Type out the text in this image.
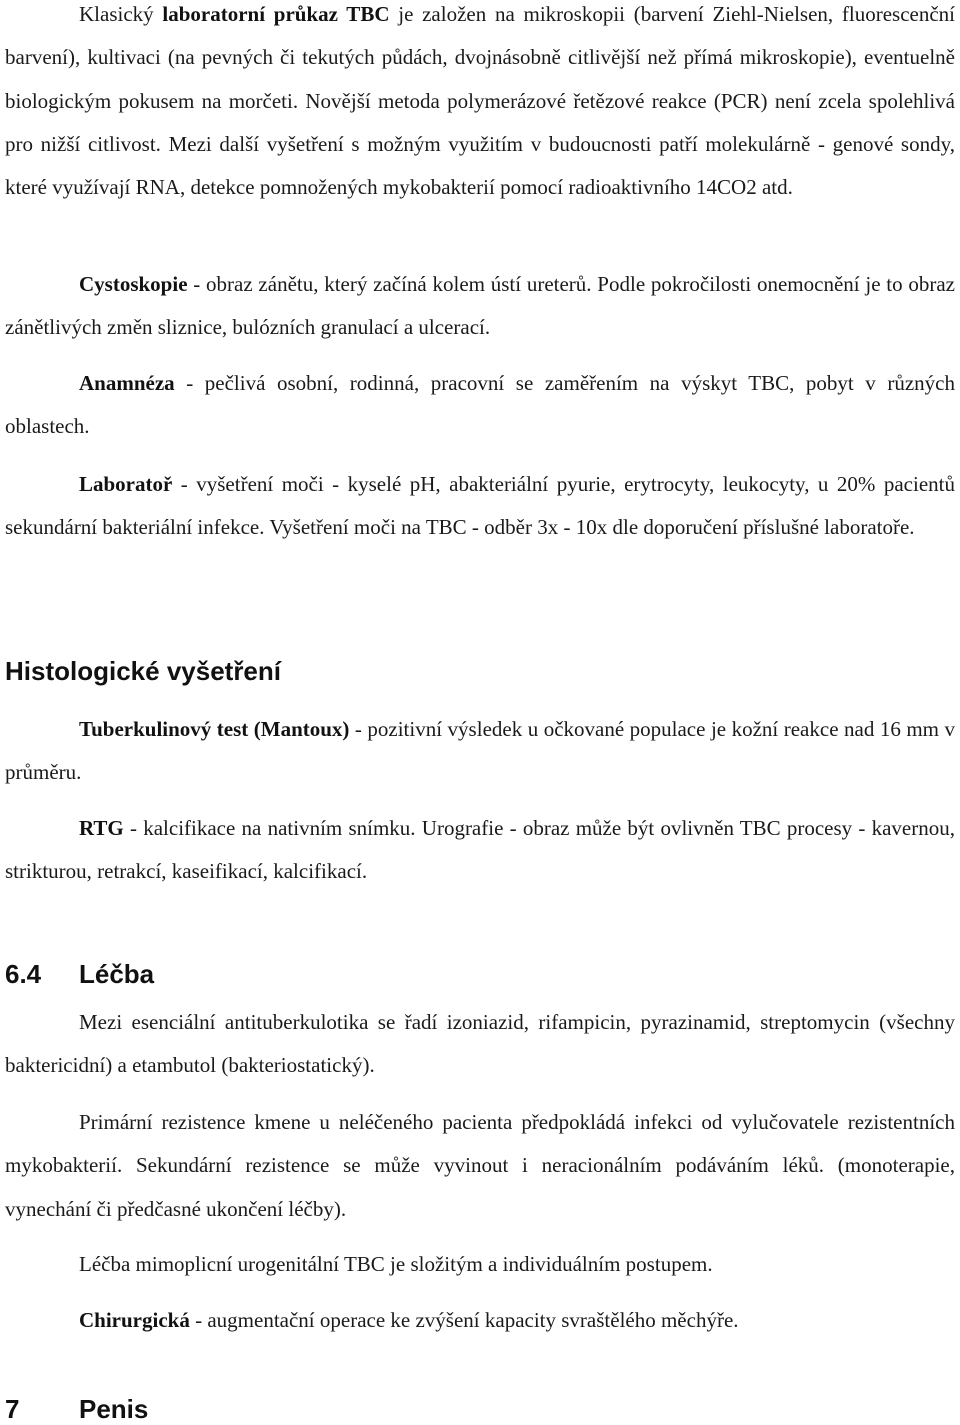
Klasický laboratorní průkaz TBC je založen na mikroskopii (barvení Ziehl-Nielsen, fluorescenční barvení), kultivaci (na pevných či tekutých půdách, dvojnásobně citlivější než přímá mikroskopie), eventuelně biologickým pokusem na morčeti. Novější metoda polymerázové řetězové reakce (PCR) není zcela spolehlivá pro nižší citlivost. Mezi další vyšetření s možným využitím v budoucnosti patří molekulárně - genové sondy, které využívají RNA, detekce pomnožených mykobakterií pomocí radioaktivního 14CO2 atd.

Cystoskopie - obraz zánětu, který začíná kolem ústí ureterů. Podle pokročilosti onemocnění je to obraz zánětlivých změn sliznice, bulózních granulací a ulcerací.

Anamnéza - pečlivá osobní, rodinná, pracovní se zaměřením na výskyt TBC, pobyt v různých oblastech.

Laboratoř - vyšetření moči - kyselé pH, abakteriální pyurie, erytrocyty, leukocyty, u 20% pacientů sekundární bakteriální infekce. Vyšetření moči na TBC - odběr 3x - 10x dle doporučení příslušné laboratoře.

Histologické vyšetření

Tuberkulinový test (Mantoux) - pozitivní výsledek u očkované populace je kožní reakce nad 16 mm v průměru.

RTG - kalcifikace na nativním snímku. Urografie - obraz může být ovlivněn TBC procesy - kavernou, strikturou, retrakcí, kaseifikací, kalcifikací.

6.4 Léčba

Mezi esenciální antituberkulotika se řadí izoniazid, rifampicin, pyrazinamid, streptomycin (všechny baktericidní) a etambutol (bakteriostatický).

Primární rezistence kmene u neléčeného pacienta předpokládá infekci od vylučovatele rezistentních mykobakterií. Sekundární rezistence se může vyvinout i neracionálním podáváním léků. (monoterapie, vynechání či předčasné ukončení léčby).

Léčba mimoplicní urogenitální TBC je složitým a individuálním postupem.

Chirurgická - augmentační operace ke zvýšení kapacity svraštělého měchýře.

7 Penis
